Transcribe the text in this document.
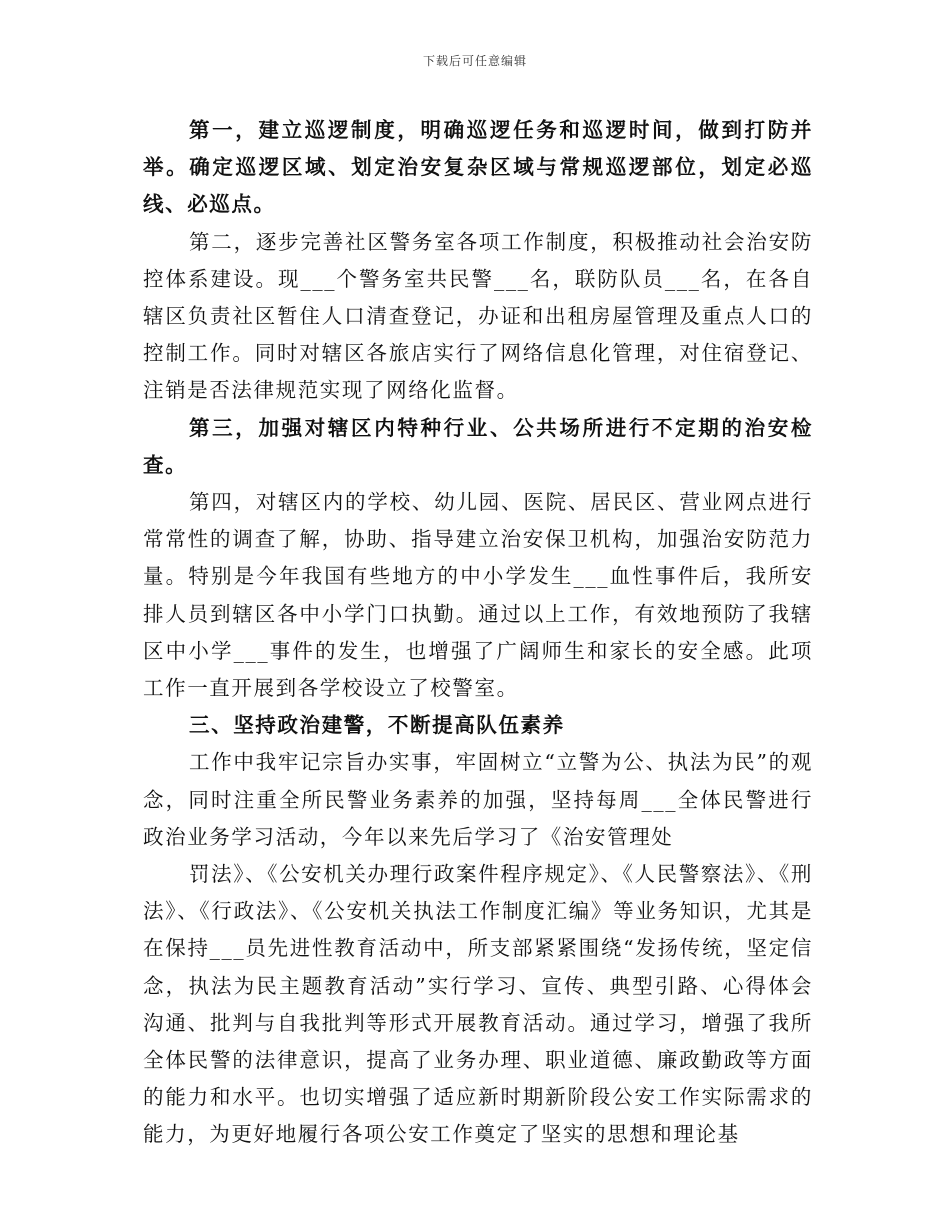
下载后可任意编辑

第一，建立巡逻制度，明确巡逻任务和巡逻时间，做到打防并举。确定巡逻区域、划定治安复杂区域与常规巡逻部位，划定必巡线、必巡点。

第二，逐步完善社区警务室各项工作制度，积极推动社会治安防控体系建设。现___个警务室共民警___名，联防队员___名，在各自辖区负责社区暂住人口清查登记，办证和出租房屋管理及重点人口的控制工作。同时对辖区各旅店实行了网络信息化管理，对住宿登记、注销是否法律规范实现了网络化监督。

第三，加强对辖区内特种行业、公共场所进行不定期的治安检查。

第四，对辖区内的学校、幼儿园、医院、居民区、营业网点进行常常性的调查了解，协助、指导建立治安保卫机构，加强治安防范力量。特别是今年我国有些地方的中小学发生___血性事件后，我所安排人员到辖区各中小学门口执勤。通过以上工作，有效地预防了我辖区中小学___事件的发生，也增强了广阔师生和家长的安全感。此项工作一直开展到各学校设立了校警室。

三、坚持政治建警，不断提高队伍素养

工作中我牢记宗旨办实事，牢固树立“立警为公、执法为民”的观念，同时注重全所民警业务素养的加强，坚持每周___全体民警进行政治业务学习活动，今年以来先后学习了《治安管理处

罚法》、《公安机关办理行政案件程序规定》、《人民警察法》、《刑法》、《行政法》、《公安机关执法工作制度汇编》等业务知识，尤其是在保持___员先进性教育活动中，所支部紧紧围绕“发扬传统，坚定信念，执法为民主题教育活动”实行学习、宣传、典型引路、心得体会沟通、批判与自我批判等形式开展教育活动。通过学习，增强了我所全体民警的法律意识，提高了业务办理、职业道德、廉政勤政等方面的能力和水平。也切实增强了适应新时期新阶段公安工作实际需求的能力，为更好地履行各项公安工作奠定了坚实的思想和理论基
